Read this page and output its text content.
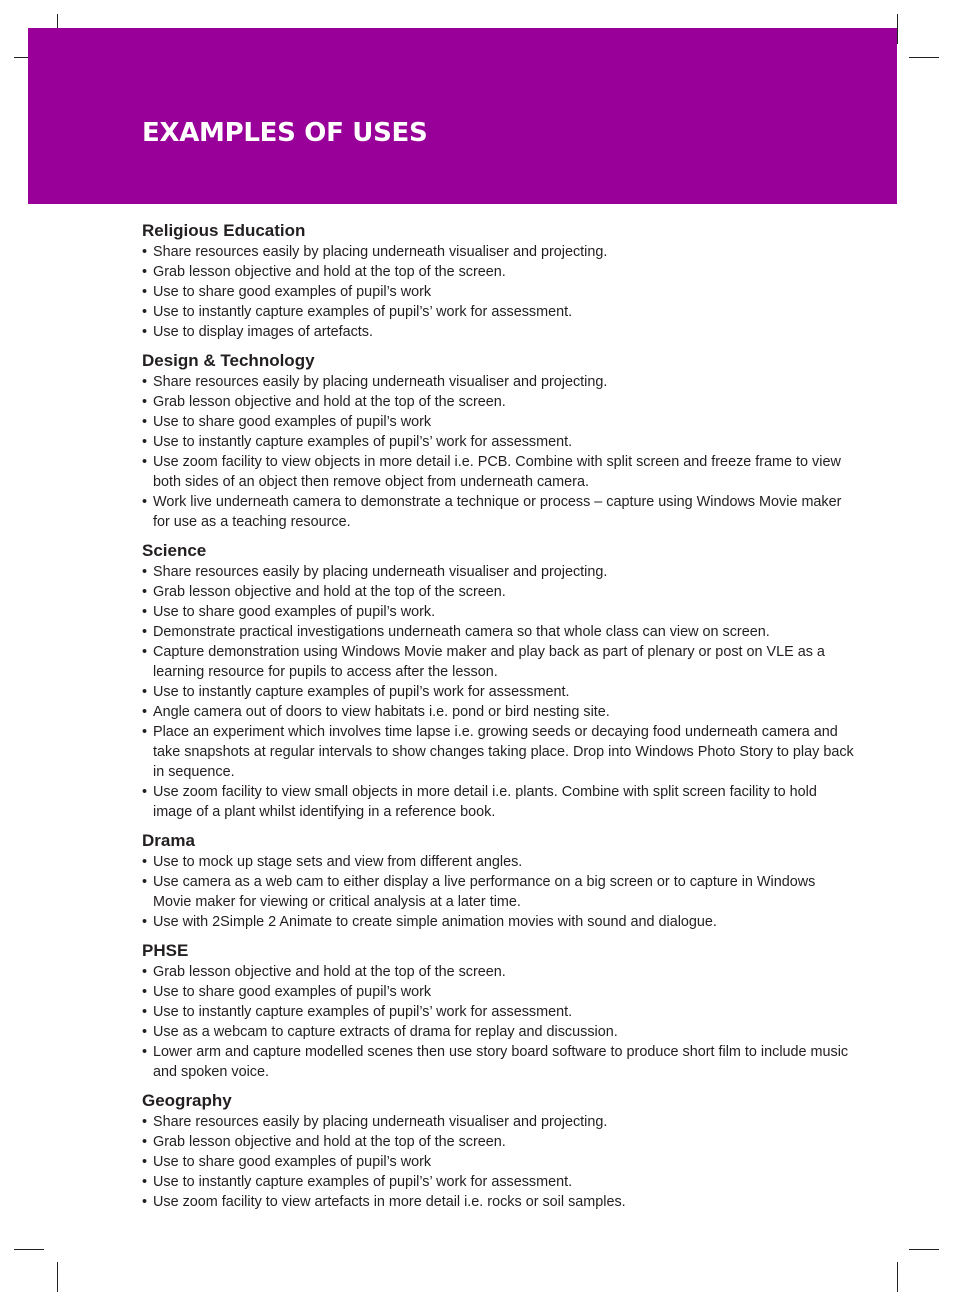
EXAMPLES OF USES
Religious Education
• Share resources easily by placing underneath visualiser and projecting.
• Grab lesson objective and hold at the top of the screen.
• Use to share good examples of pupil’s work
• Use to instantly capture examples of pupil’s’ work for assessment.
• Use to display images of artefacts.
Design & Technology
• Share resources easily by placing underneath visualiser and projecting.
• Grab lesson objective and hold at the top of the screen.
• Use to share good examples of pupil’s work
• Use to instantly capture examples of pupil’s’ work for assessment.
• Use zoom facility to view objects in more detail i.e. PCB. Combine with split screen and freeze frame to view both sides of an object then remove object from underneath camera.
• Work live underneath camera to demonstrate a technique or process – capture using Windows Movie maker for use as a teaching resource.
Science
• Share resources easily by placing underneath visualiser and projecting.
• Grab lesson objective and hold at the top of the screen.
• Use to share good examples of pupil’s work.
• Demonstrate practical investigations underneath camera so that whole class can view on screen.
• Capture demonstration using Windows Movie maker and play back as part of plenary or post on VLE as a learning resource for pupils to access after the lesson.
• Use to instantly capture examples of pupil’s work for assessment.
• Angle camera out of doors to view habitats i.e. pond or bird nesting site.
• Place an experiment which involves time lapse i.e. growing seeds or decaying food underneath camera and take snapshots at regular intervals to show changes taking place. Drop into Windows Photo Story to play back in sequence.
• Use zoom facility to view small objects in more detail i.e. plants. Combine with split screen facility to hold image of a plant whilst identifying in a reference book.
Drama
• Use to mock up stage sets and view from different angles.
• Use camera as a web cam to either display a live performance on a big screen or to capture in Windows Movie maker for viewing or critical analysis at a later time.
• Use with 2Simple 2 Animate to create simple animation movies with sound and dialogue.
PHSE
• Grab lesson objective and hold at the top of the screen.
• Use to share good examples of pupil’s work
• Use to instantly capture examples of pupil’s’ work for assessment.
• Use as a webcam to capture extracts of drama for replay and discussion.
• Lower arm and capture modelled scenes then use story board software to produce short film to include music and spoken voice.
Geography
• Share resources easily by placing underneath visualiser and projecting.
• Grab lesson objective and hold at the top of the screen.
• Use to share good examples of pupil’s work
• Use to instantly capture examples of pupil’s’ work for assessment.
• Use zoom facility to view artefacts in more detail i.e. rocks or soil samples.
